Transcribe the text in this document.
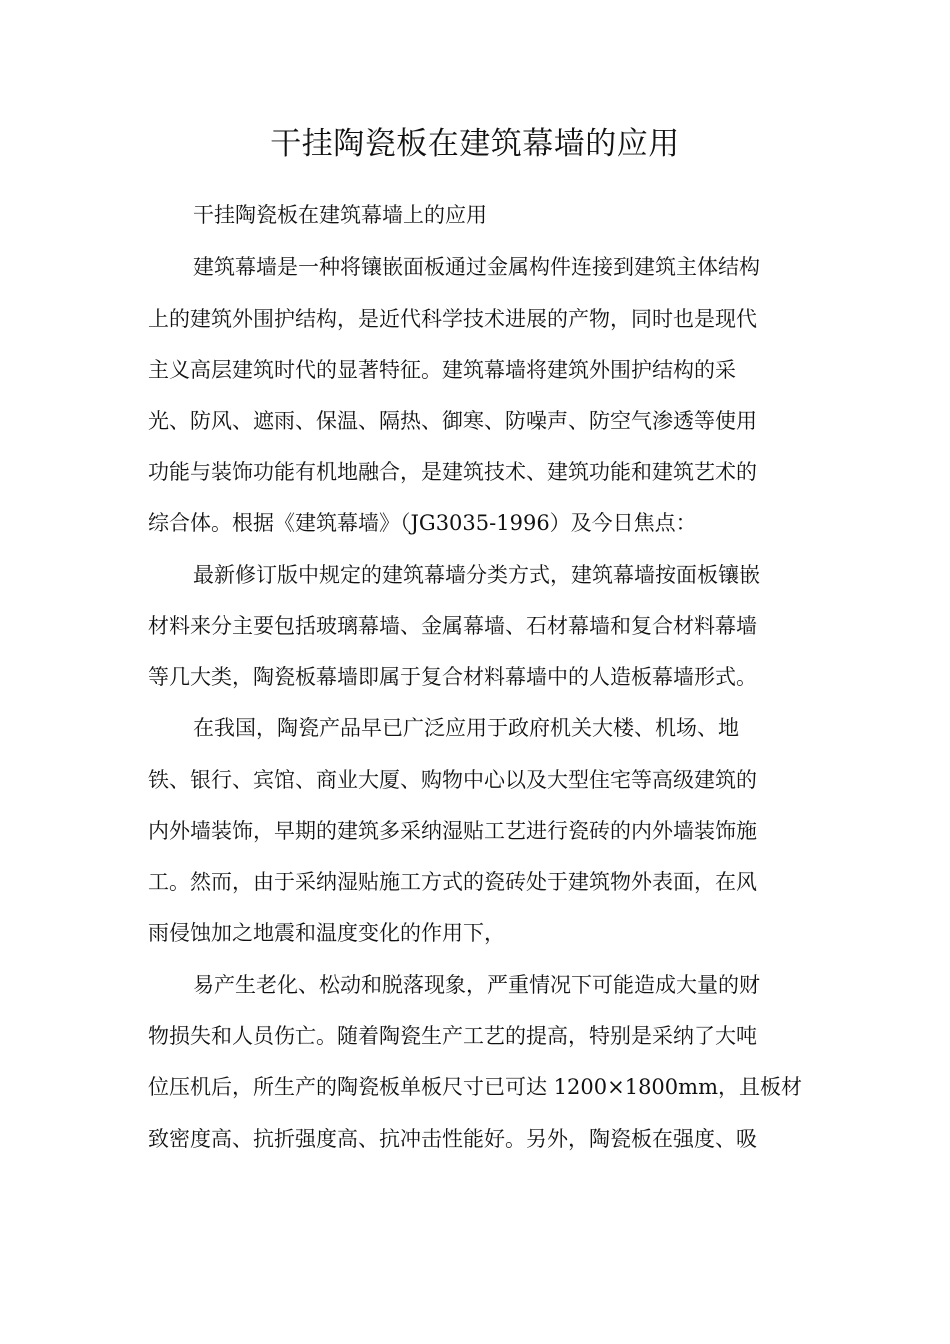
干挂陶瓷板在建筑幕墙的应用
干挂陶瓷板在建筑幕墙上的应用
建筑幕墙是一种将镶嵌面板通过金属构件连接到建筑主体结构
上的建筑外围护结构，是近代科学技术进展的产物，同时也是现代
主义高层建筑时代的显著特征。建筑幕墙将建筑外围护结构的采
光、防风、遮雨、保温、隔热、御寒、防噪声、防空气渗透等使用
功能与装饰功能有机地融合，是建筑技术、建筑功能和建筑艺术的
综合体。根据《建筑幕墙》（JG3035-1996）及今日焦点：
最新修订版中规定的建筑幕墙分类方式，建筑幕墙按面板镶嵌
材料来分主要包括玻璃幕墙、金属幕墙、石材幕墙和复合材料幕墙
等几大类，陶瓷板幕墙即属于复合材料幕墙中的人造板幕墙形式。
在我国，陶瓷产品早已广泛应用于政府机关大楼、机场、地
铁、银行、宾馆、商业大厦、购物中心以及大型住宅等高级建筑的
内外墙装饰，早期的建筑多采纳湿贴工艺进行瓷砖的内外墙装饰施
工。然而，由于采纳湿贴施工方式的瓷砖处于建筑物外表面，在风
雨侵蚀加之地震和温度变化的作用下，
易产生老化、松动和脱落现象，严重情况下可能造成大量的财
物损失和人员伤亡。随着陶瓷生产工艺的提高，特别是采纳了大吨
位压机后，所生产的陶瓷板单板尺寸已可达 1200×1800mm，且板材
致密度高、抗折强度高、抗冲击性能好。另外，陶瓷板在强度、吸
